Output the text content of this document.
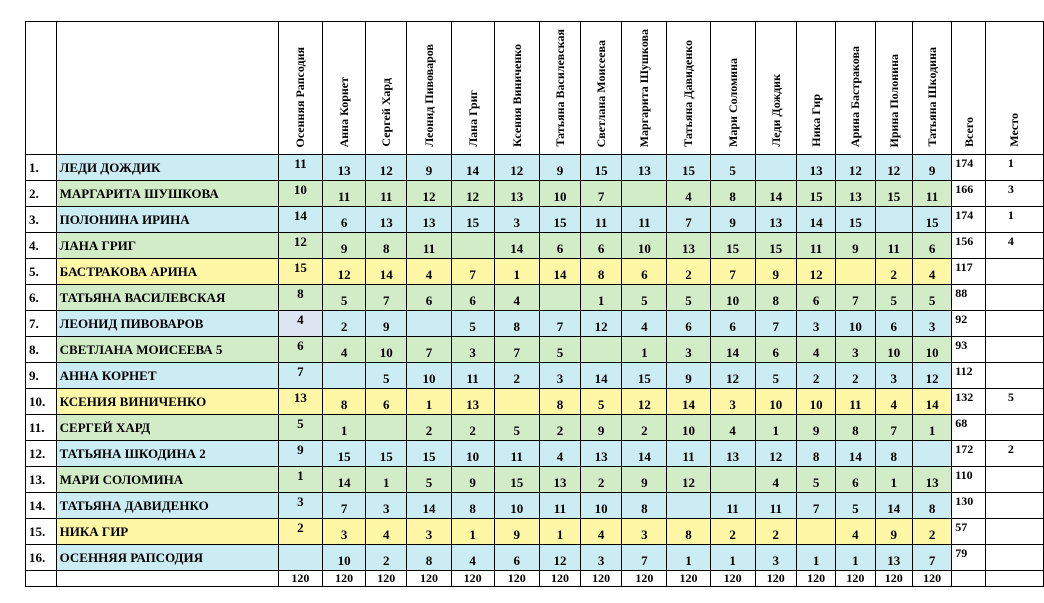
		Осенняя Рапсодия	Анна Корнет	Сергей Хард	Леонид Пивоваров	Лана Григ	Ксения Виниченко	Татьяна Василевская	Светлана Моисеева	Маргарита Шушкова	Татьяна Давиденко	Мари Соломина	Леди Дождик	Ника Гир	Арина Бастракова	Ирина Полонина	Татьяна Шкодина	Всего	Место
1.	ЛЕДИ ДОЖДИК	11	13	12	9	14	12	9	15	13	15	5		13	12	12	9	174	1
2.	МАРГАРИТА ШУШКОВА	10	11	11	12	12	13	10	7		4	8	14	15	13	15	11	166	3
3.	ПОЛОНИНА ИРИНА	14	6	13	13	15	3	15	11	11	7	9	13	14	15		15	174	1
4.	ЛАНА ГРИГ	12	9	8	11		14	6	6	10	13	15	15	11	9	11	6	156	4
5.	БАСТРАКОВА АРИНА	15	12	14	4	7	1	14	8	6	2	7	9	12		2	4	117	
6.	ТАТЬЯНА ВАСИЛЕВСКАЯ	8	5	7	6	6	4		1	5	5	10	8	6	7	5	5	88	
7.	ЛЕОНИД ПИВОВАРОВ	4	2	9		5	8	7	12	4	6	6	7	3	10	6	3	92	
8.	СВЕТЛАНА МОИСЕЕВА 5	6	4	10	7	3	7	5		1	3	14	6	4	3	10	10	93	
9.	АННА КОРНЕТ	7		5	10	11	2	3	14	15	9	12	5	2	2	3	12	112	
10.	КСЕНИЯ ВИНИЧЕНКО	13	8	6	1	13		8	5	12	14	3	10	10	11	4	14	132	5
11.	СЕРГЕЙ ХАРД	5	1		2	2	5	2	9	2	10	4	1	9	8	7	1	68	
12.	ТАТЬЯНА ШКОДИНА 2	9	15	15	15	10	11	4	13	14	11	13	12	8	14	8		172	2
13.	МАРИ СОЛОМИНА	1	14	1	5	9	15	13	2	9	12		4	5	6	1	13	110	
14.	ТАТЬЯНА ДАВИДЕНКО	3	7	3	14	8	10	11	10	8		11	11	7	5	14	8	130	
15.	НИКА ГИР	2	3	4	3	1	9	1	4	3	8	2	2		4	9	2	57	
16.	ОСЕННЯЯ РАПСОДИЯ		10	2	8	4	6	12	3	7	1	1	3	1	1	13	7	79	
		120	120	120	120	120	120	120	120	120	120	120	120	120	120	120	120		
